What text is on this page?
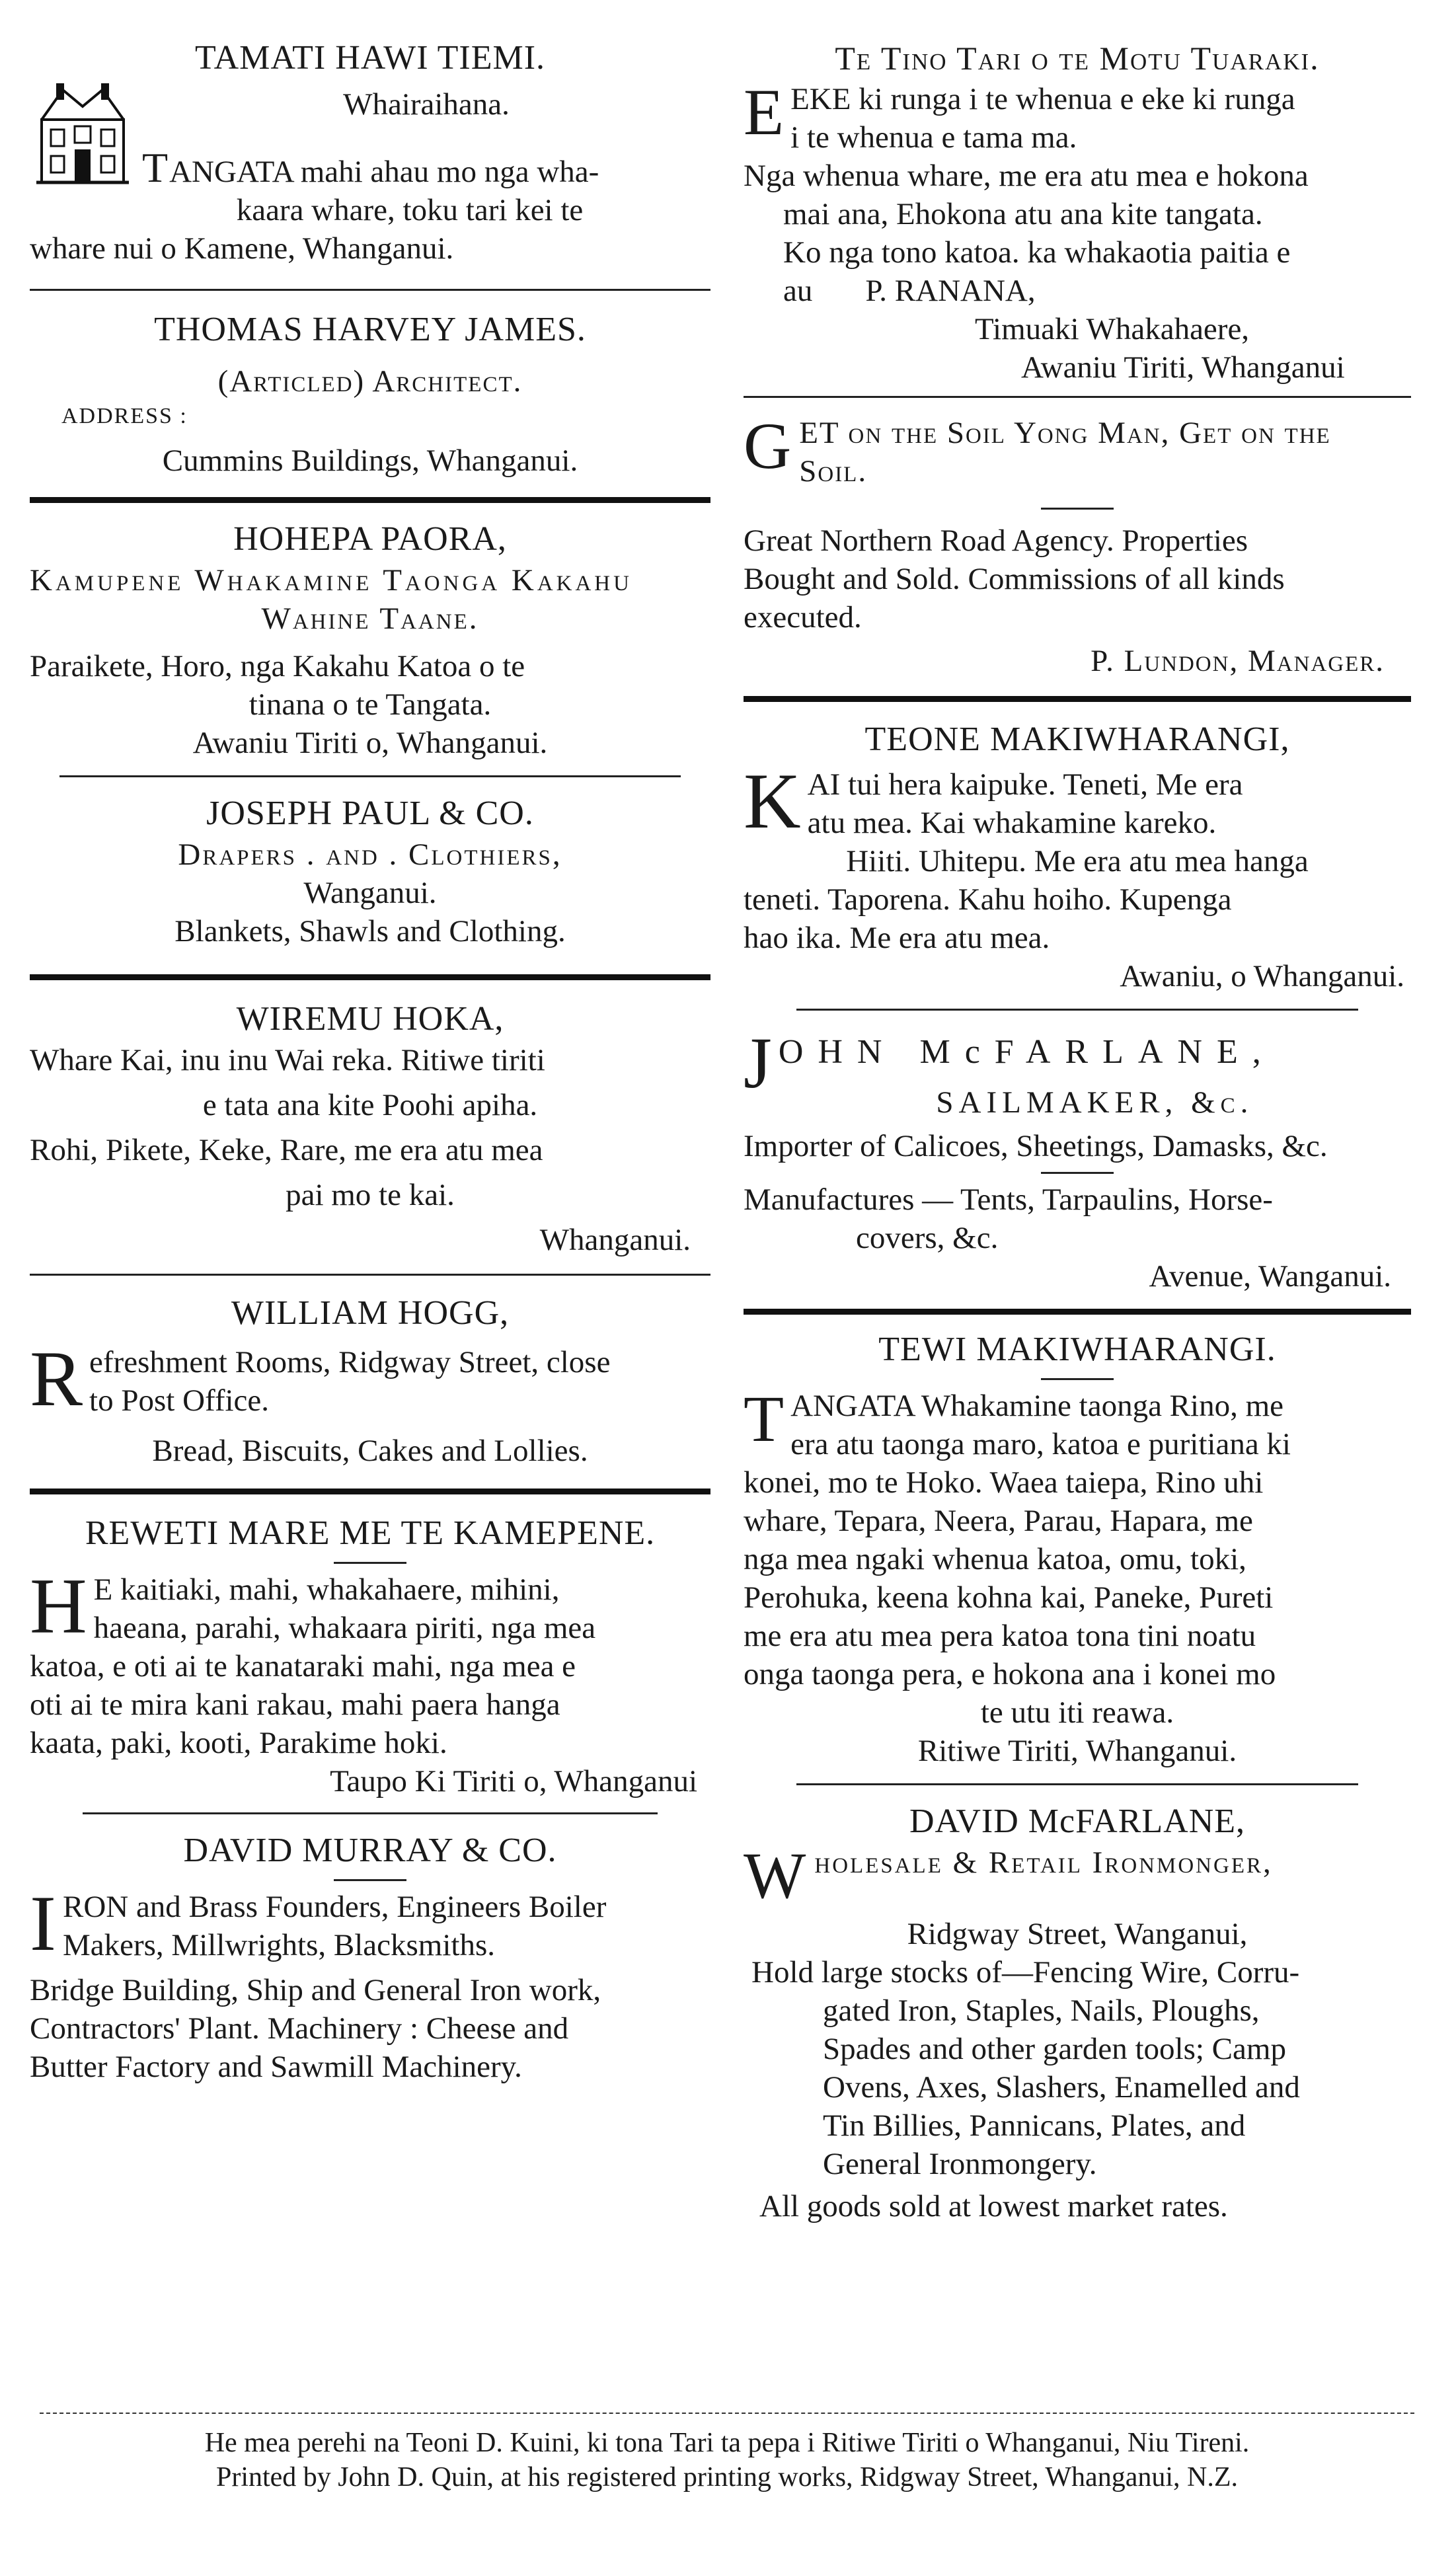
TAMATI HAWI TIEMI.
Whairaihana.
TANGATA mahi ahau mo nga wha-
kaara whare, toku tari kei te
whare nui o Kamene, Whanganui.
THOMAS HARVEY JAMES.
(Articled) Architect.
ADDRESS :
Cummins Buildings, Whanganui.
HOHEPA PAORA,
Kamupene Whakamine Taonga Kakahu
Wahine Taane.
Paraikete, Horo, nga Kakahu Katoa o te
tinana o te Tangata.
Awaniu Tiriti o, Whanganui.
JOSEPH PAUL & CO.
Drapers . and . Clothiers,
Wanganui.
Blankets, Shawls and Clothing.
WIREMU HOKA,
Whare Kai, inu inu Wai reka. Ritiwe tiriti
e tata ana kite Poohi apiha.
Rohi, Pikete, Keke, Rare, me era atu mea
pai mo te kai.
Whanganui.
WILLIAM HOGG,
Refreshment Rooms, Ridgway Street, close
to Post Office.
Bread, Biscuits, Cakes and Lollies.
REWETI MARE ME TE KAMEPENE.
H E kaitiaki, mahi, whakahaere, mihini,
haeana, parahi, whakaara piriti, nga mea
katoa, e oti ai te kanataraki mahi, nga mea e
oti ai te mira kani rakau, mahi paera hanga
kaata, paki, kooti, Parakime hoki.
Taupo Ki Tiriti o, Whanganui
DAVID MURRAY & CO.
IRON and Brass Founders, Engineers Boiler
Makers, Millwrights, Blacksmiths.
Bridge Building, Ship and General Iron work,
Contractors' Plant. Machinery : Cheese and
Butter Factory and Sawmill Machinery.
Te Tino Tari o te Motu Tuaraki.
EEKE ki runga i te whenua e eke ki runga
i te whenua e tama ma.
Nga whenua whare, me era atu mea e hokona
mai ana, Ehokona atu ana kite tangata.
Ko nga tono katoa. ka whakaotia paitia e
au P. RANANA,
Timuaki Whakahaere,
Awaniu Tiriti, Whanganui
GET on the Soil Yong Man, Get on the
Soil.
Great Northern Road Agency. Properties
Bought and Sold. Commissions of all kinds
executed.
P. Lundon, Manager.
TEONE MAKIWHARANGI,
KAI tui hera kaipuke. Teneti, Me era
atu mea. Kai whakamine kareko.
Hiiti. Uhitepu. Me era atu mea hanga
teneti. Taporena. Kahu hoiho. Kupenga
hao ika. Me era atu mea.
Awaniu, o Whanganui.
JOHN McFARLANE,
SAILMAKER, &c.
Importer of Calicoes, Sheetings, Damasks, &c.
Manufactures — Tents, Tarpaulins, Horse-
covers, &c.
Avenue, Wanganui.
TEWI MAKIWHARANGI.
TANGATA Whakamine taonga Rino, me
era atu taonga maro, katoa e puritiana ki
konei, mo te Hoko. Waea taiepa, Rino uhi
whare, Tepara, Neera, Parau, Hapara, me
nga mea ngaki whenua katoa, omu, toki,
Perohuka, keena kohna kai, Paneke, Pureti
me era atu mea pera katoa tona tini noatu
onga taonga pera, e hokona ana i konei mo
te utu iti reawa.
Ritiwe Tiriti, Whanganui.
DAVID McFARLANE,
Wholesale & Retail Ironmonger,
Ridgway Street, Wanganui,
Hold large stocks of—Fencing Wire, Corru-
gated Iron, Staples, Nails, Ploughs,
Spades and other garden tools; Camp
Ovens, Axes, Slashers, Enamelled and
Tin Billies, Pannicans, Plates, and
General Ironmongery.
All goods sold at lowest market rates.
He mea perehi na Teoni D. Kuini, ki tona Tari ta pepa i Ritiwe Tiriti o Whanganui, Niu Tireni.
Printed by John D. Quin, at his registered printing works, Ridgway Street, Whanganui, N.Z.
